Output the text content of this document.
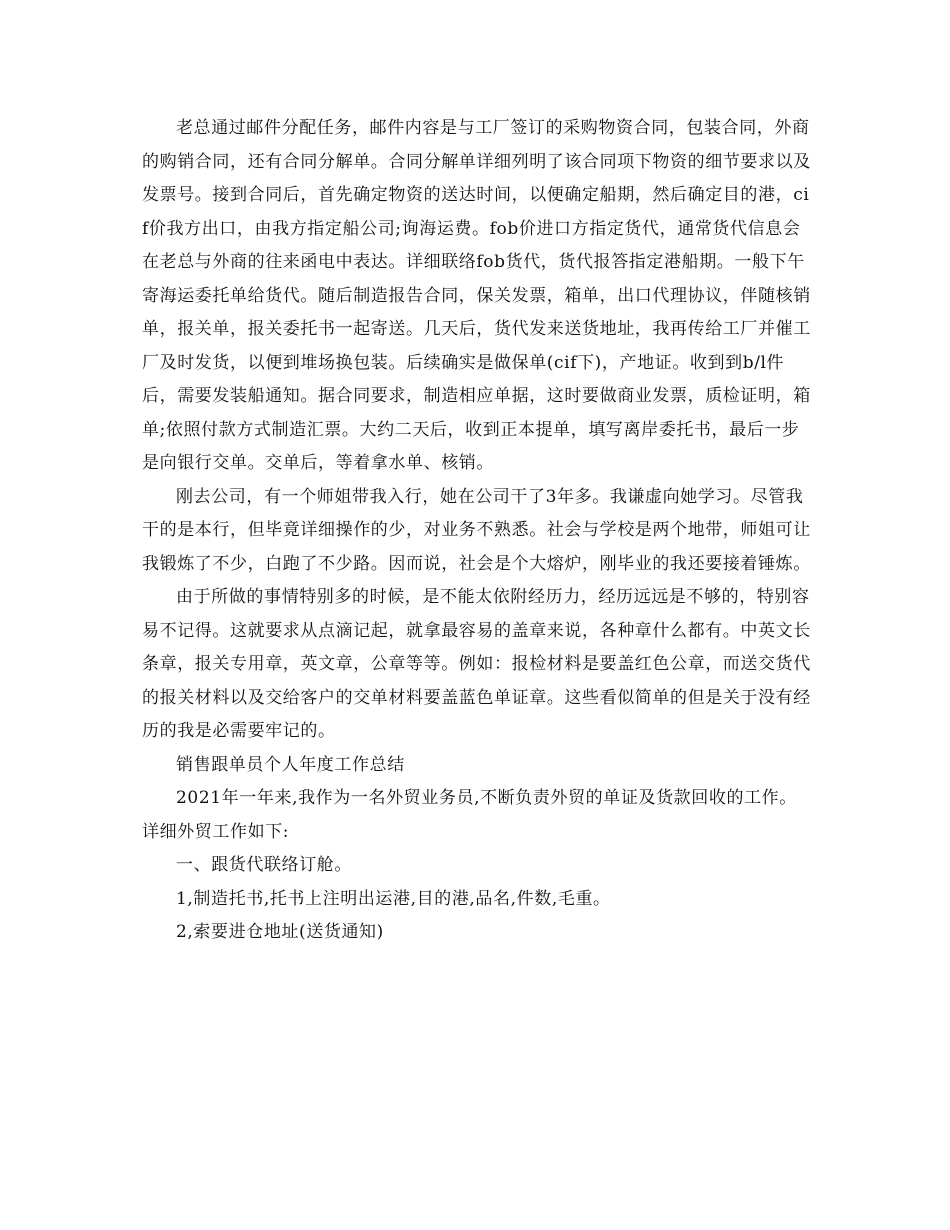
老总通过邮件分配任务，邮件内容是与工厂签订的采购物资合同，包装合同，外商的购销合同，还有合同分解单。合同分解单详细列明了该合同项下物资的细节要求以及发票号。接到合同后，首先确定物资的送达时间，以便确定船期，然后确定目的港，cif价我方出口，由我方指定船公司;询海运费。fob价进口方指定货代，通常货代信息会在老总与外商的往来函电中表达。详细联络fob货代，货代报答指定港船期。一般下午寄海运委托单给货代。随后制造报告合同，保关发票，箱单，出口代理协议，伴随核销单，报关单，报关委托书一起寄送。几天后，货代发来送货地址，我再传给工厂并催工厂及时发货，以便到堆场换包装。后续确实是做保单(cif下)，产地证。收到到b/l件后，需要发装船通知。据合同要求，制造相应单据，这时要做商业发票，质检证明，箱单;依照付款方式制造汇票。大约二天后，收到正本提单，填写离岸委托书，最后一步是向银行交单。交单后，等着拿水单、核销。

刚去公司，有一个师姐带我入行，她在公司干了3年多。我谦虚向她学习。尽管我干的是本行，但毕竟详细操作的少，对业务不熟悉。社会与学校是两个地带，师姐可让我锻炼了不少，白跑了不少路。因而说，社会是个大熔炉，刚毕业的我还要接着锤炼。

由于所做的事情特别多的时候，是不能太依附经历力，经历远远是不够的，特别容易不记得。这就要求从点滴记起，就拿最容易的盖章来说，各种章什么都有。中英文长条章，报关专用章，英文章，公章等等。例如：报检材料是要盖红色公章，而送交货代的报关材料以及交给客户的交单材料要盖蓝色单证章。这些看似简单的但是关于没有经历的我是必需要牢记的。

销售跟单员个人年度工作总结

2021年一年来,我作为一名外贸业务员,不断负责外贸的单证及货款回收的工作。详细外贸工作如下:

一、跟货代联络订舱。

1,制造托书,托书上注明出运港,目的港,品名,件数,毛重。

2,索要进仓地址(送货通知)
